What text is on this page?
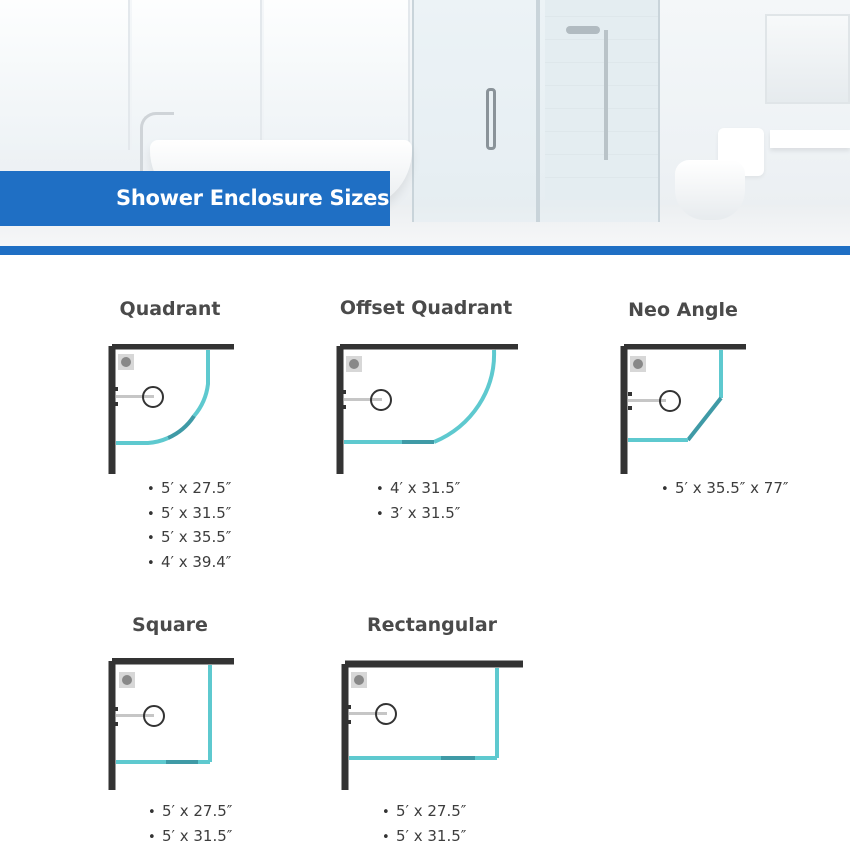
Shower Enclosure Sizes
Quadrant
• 5′ x 27.5″
• 5′ x 31.5″
• 5′ x 35.5″
• 4′ x 39.4″
Offset Quadrant
• 4′ x 31.5″
• 3′ x 31.5″
Neo Angle
• 5′ x 35.5″ x 77″
Square
• 5′ x 27.5″
• 5′ x 31.5″
Rectangular
• 5′ x 27.5″
• 5′ x 31.5″
